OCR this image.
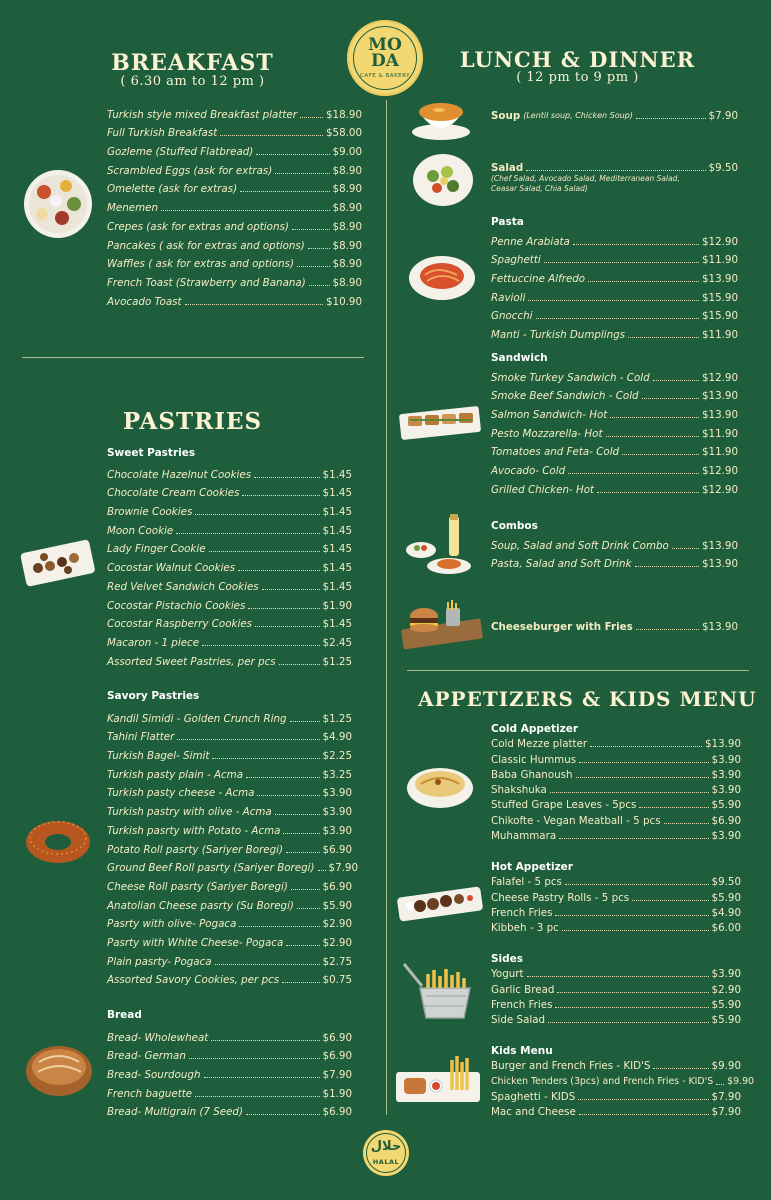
MO
DA
CAFE & BAKERY
BREAKFAST
( 6.30 am to 12 pm )
Turkish style mixed Breakfast platter	$18.90
Full Turkish Breakfast	$58.00
Gozleme (Stuffed Flatbread)	$9.00
Scrambled Eggs (ask for extras)	$8.90
Omelette (ask for extras)	$8.90
Menemen	$8.90
Crepes (ask for extras and options)	$8.90
Pancakes ( ask for extras and options)	$8.90
Waffles ( ask for extras and options)	$8.90
French Toast (Strawberry and Banana)	$8.90
Avocado Toast	$10.90
PASTRIES
Sweet Pastries
Chocolate Hazelnut Cookies	$1.45
Chocolate Cream Cookies	$1.45
Brownie Cookies	$1.45
Moon Cookie	$1.45
Lady Finger Cookie	$1.45
Cocostar Walnut Cookies	$1.45
Red Velvet Sandwich Cookies	$1.45
Cocostar Pistachio Cookies	$1.90
Cocostar Raspberry Cookies	$1.45
Macaron - 1 piece	$2.45
Assorted Sweet Pastries, per pcs	$1.25
Savory Pastries
Kandil Simidi - Golden Crunch Ring	$1.25
Tahini Flatter	$4.90
Turkish Bagel- Simit	$2.25
Turkish pasty plain - Acma	$3.25
Turkish pasty cheese - Acma	$3.90
Turkish pastry with olive - Acma	$3.90
Turkish pasrty with Potato - Acma	$3.90
Potato Roll pasrty (Sariyer Boregi)	$6.90
Ground Beef Roll pasrty (Sariyer Boregi) $7.90
Cheese Roll pasrty (Sariyer Boregi)	$6.90
Anatolian Cheese pasrty (Su Boregi)	$5.90
Pasrty with olive- Pogaca	$2.90
Pasrty with White Cheese- Pogaca	$2.90
Plain pasrty- Pogaca	$2.75
Assorted Savory Cookies, per pcs	$0.75
Bread
Bread- Wholewheat	$6.90
Bread- German	$6.90
Bread- Sourdough	$7.90
French baguette	$1.90
Bread- Multigrain (7 Seed)	$6.90
LUNCH & DINNER
( 12 pm to 9 pm )
Soup (Lentil soup, Chicken Soup)	$7.90
Salad	$9.50
(Chef Salad, Avocado Salad, Mediterranean Salad,
Ceasar Salad, Chia Salad)
Pasta
Penne Arabiata	$12.90
Spaghetti	$11.90
Fettuccine Alfredo	$13.90
Ravioli	$15.90
Gnocchi	$15.90
Manti - Turkish Dumplings	$11.90
Sandwich
Smoke Turkey Sandwich - Cold	$12.90
Smoke Beef Sandwich - Cold	$13.90
Salmon Sandwich- Hot	$13.90
Pesto Mozzarella- Hot	$11.90
Tomatoes and Feta- Cold	$11.90
Avocado- Cold	$12.90
Grilled Chicken- Hot	$12.90
Combos
Soup, Salad and Soft Drink Combo	$13.90
Pasta, Salad and Soft Drink	$13.90
Cheeseburger with Fries	$13.90
APPETIZERS & KIDS MENU
Cold Appetizer
Cold Mezze platter	$13.90
Classic Hummus	$3.90
Baba Ghanoush	$3.90
Shakshuka	$3.90
Stuffed Grape Leaves - 5pcs	$5.90
Chikofte - Vegan Meatball - 5 pcs	$6.90
Muhammara	$3.90
Hot Appetizer
Falafel - 5 pcs	$9.50
Cheese Pastry Rolls - 5 pcs	$5.90
French Fries	$4.90
Kibbeh - 3 pc	$6.00
Sides
Yogurt	$3.90
Garlic Bread	$2.90
French Fries	$5.90
Side Salad	$5.90
Kids Menu
Burger and French Fries - KID'S	$9.90
Chicken Tenders (3pcs) and French Fries - KID'S $9.90
Spaghetti - KIDS	$7.90
Mac and Cheese	$7.90
حلال
HALAL
